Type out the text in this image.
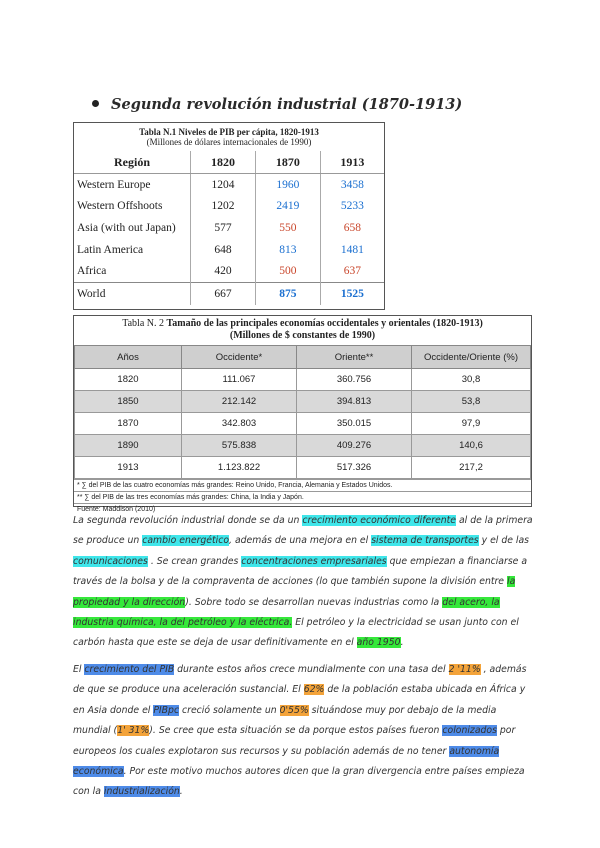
Segunda revolución industrial (1870-1913)
Tabla N.1 Niveles de PIB per cápita, 1820-1913
(Millones de dólares internacionales de 1990)
Región	1820	1870	1913
Western Europe	1204	1960	3458
Western Offshoots	1202	2419	5233
Asia (with out Japan)	577	550	658
Latin America	648	813	1481
Africa	420	500	637
World	667	875	1525
Tabla N. 2 Tamaño de las principales economías occidentales y orientales (1820-1913)
(Millones de $ constantes de 1990)
Años	Occidente*	Oriente**	Occidente/Oriente (%)
1820	111.067	360.756	30,8
1850	212.142	394.813	53,8
1870	342.803	350.015	97,9
1890	575.838	409.276	140,6
1913	1.123.822	517.326	217,2
* ∑ del PIB de las cuatro economías más grandes: Reino Unido, Francia, Alemania y Estados Unidos.
** ∑ del PIB de las tres economías más grandes: China, la India y Japón.
Fuente: Maddison (2010)
La segunda revolución industrial donde se da un crecimiento económico diferente al de la primera se produce un cambio energético, además de una mejora en el sistema de transportes y el de las comunicaciones . Se crean grandes concentraciones empresariales que empiezan a financiarse a través de la bolsa y de la compraventa de acciones (lo que también supone la división entre la propiedad y la dirección). Sobre todo se desarrollan nuevas industrias como la del acero, la industria química, la del petróleo y la eléctrica. El petróleo y la electricidad se usan junto con el carbón hasta que este se deja de usar definitivamente en el año 1950.
El crecimiento del PIB durante estos años crece mundialmente con una tasa del 2 '11% , además de que se produce una aceleración sustancial. El 62% de la población estaba ubicada en África y en Asia donde el PIBpc creció solamente un 0'55% situándose muy por debajo de la media mundial (1' 31%). Se cree que esta situación se da porque estos países fueron colonizados por europeos los cuales explotaron sus recursos y su población además de no tener autonomía económica. Por este motivo muchos autores dicen que la gran divergencia entre países empieza con la industrialización.
